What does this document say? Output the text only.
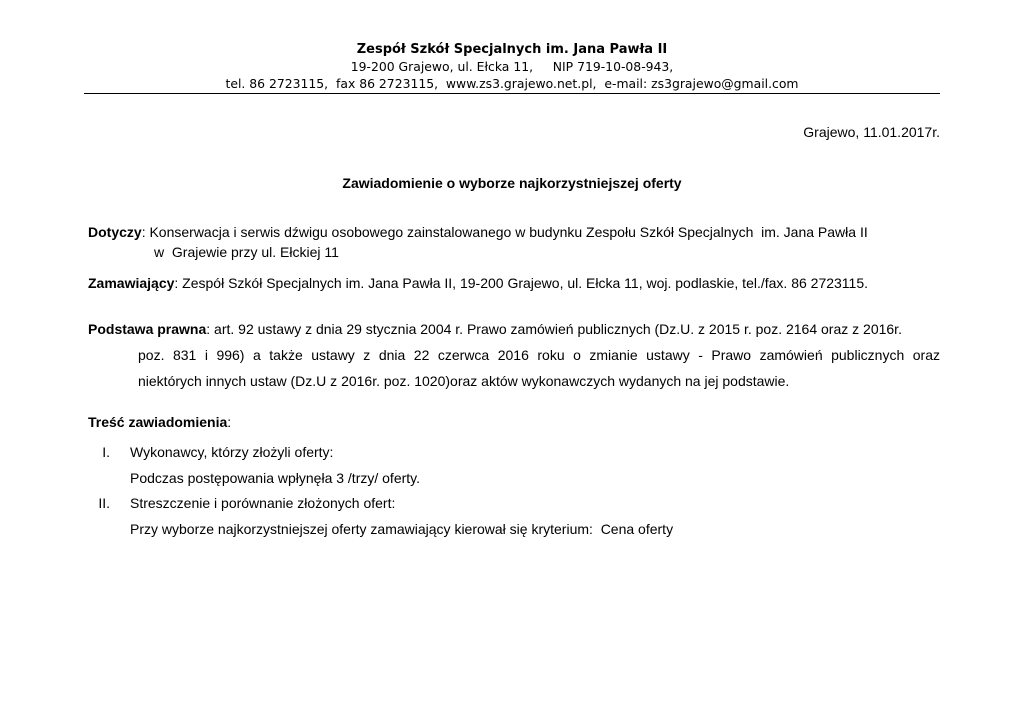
Zespół Szkół Specjalnych im. Jana Pawła II
19-200 Grajewo, ul. Ełcka 11,     NIP 719-10-08-943,
tel. 86 2723115,  fax 86 2723115,  www.zs3.grajewo.net.pl,  e-mail: zs3grajewo@gmail.com
Grajewo, 11.01.2017r.
Zawiadomienie o wyborze najkorzystniejszej oferty
Dotyczy: Konserwacja i serwis dźwigu osobowego zainstalowanego w budynku Zespołu Szkół Specjalnych  im. Jana Pawła II
w  Grajewie przy ul. Ełckiej 11
Zamawiający: Zespół Szkół Specjalnych im. Jana Pawła II, 19-200 Grajewo, ul. Ełcka 11, woj. podlaskie, tel./fax. 86 2723115.
Podstawa prawna: art. 92 ustawy z dnia 29 stycznia 2004 r. Prawo zamówień publicznych (Dz.U. z 2015 r. poz. 2164 oraz z 2016r.
poz. 831 i 996) a także ustawy z dnia 22 czerwca 2016 roku o zmianie ustawy - Prawo zamówień publicznych oraz
niektórych innych ustaw (Dz.U z 2016r. poz. 1020)oraz aktów wykonawczych wydanych na jej podstawie.
Treść zawiadomienia:
I. Wykonawcy, którzy złożyli oferty:
Podczas postępowania wpłynęła 3 /trzy/ oferty.
II. Streszczenie i porównanie złożonych ofert:
Przy wyborze najkorzystniejszej oferty zamawiający kierował się kryterium:  Cena oferty
